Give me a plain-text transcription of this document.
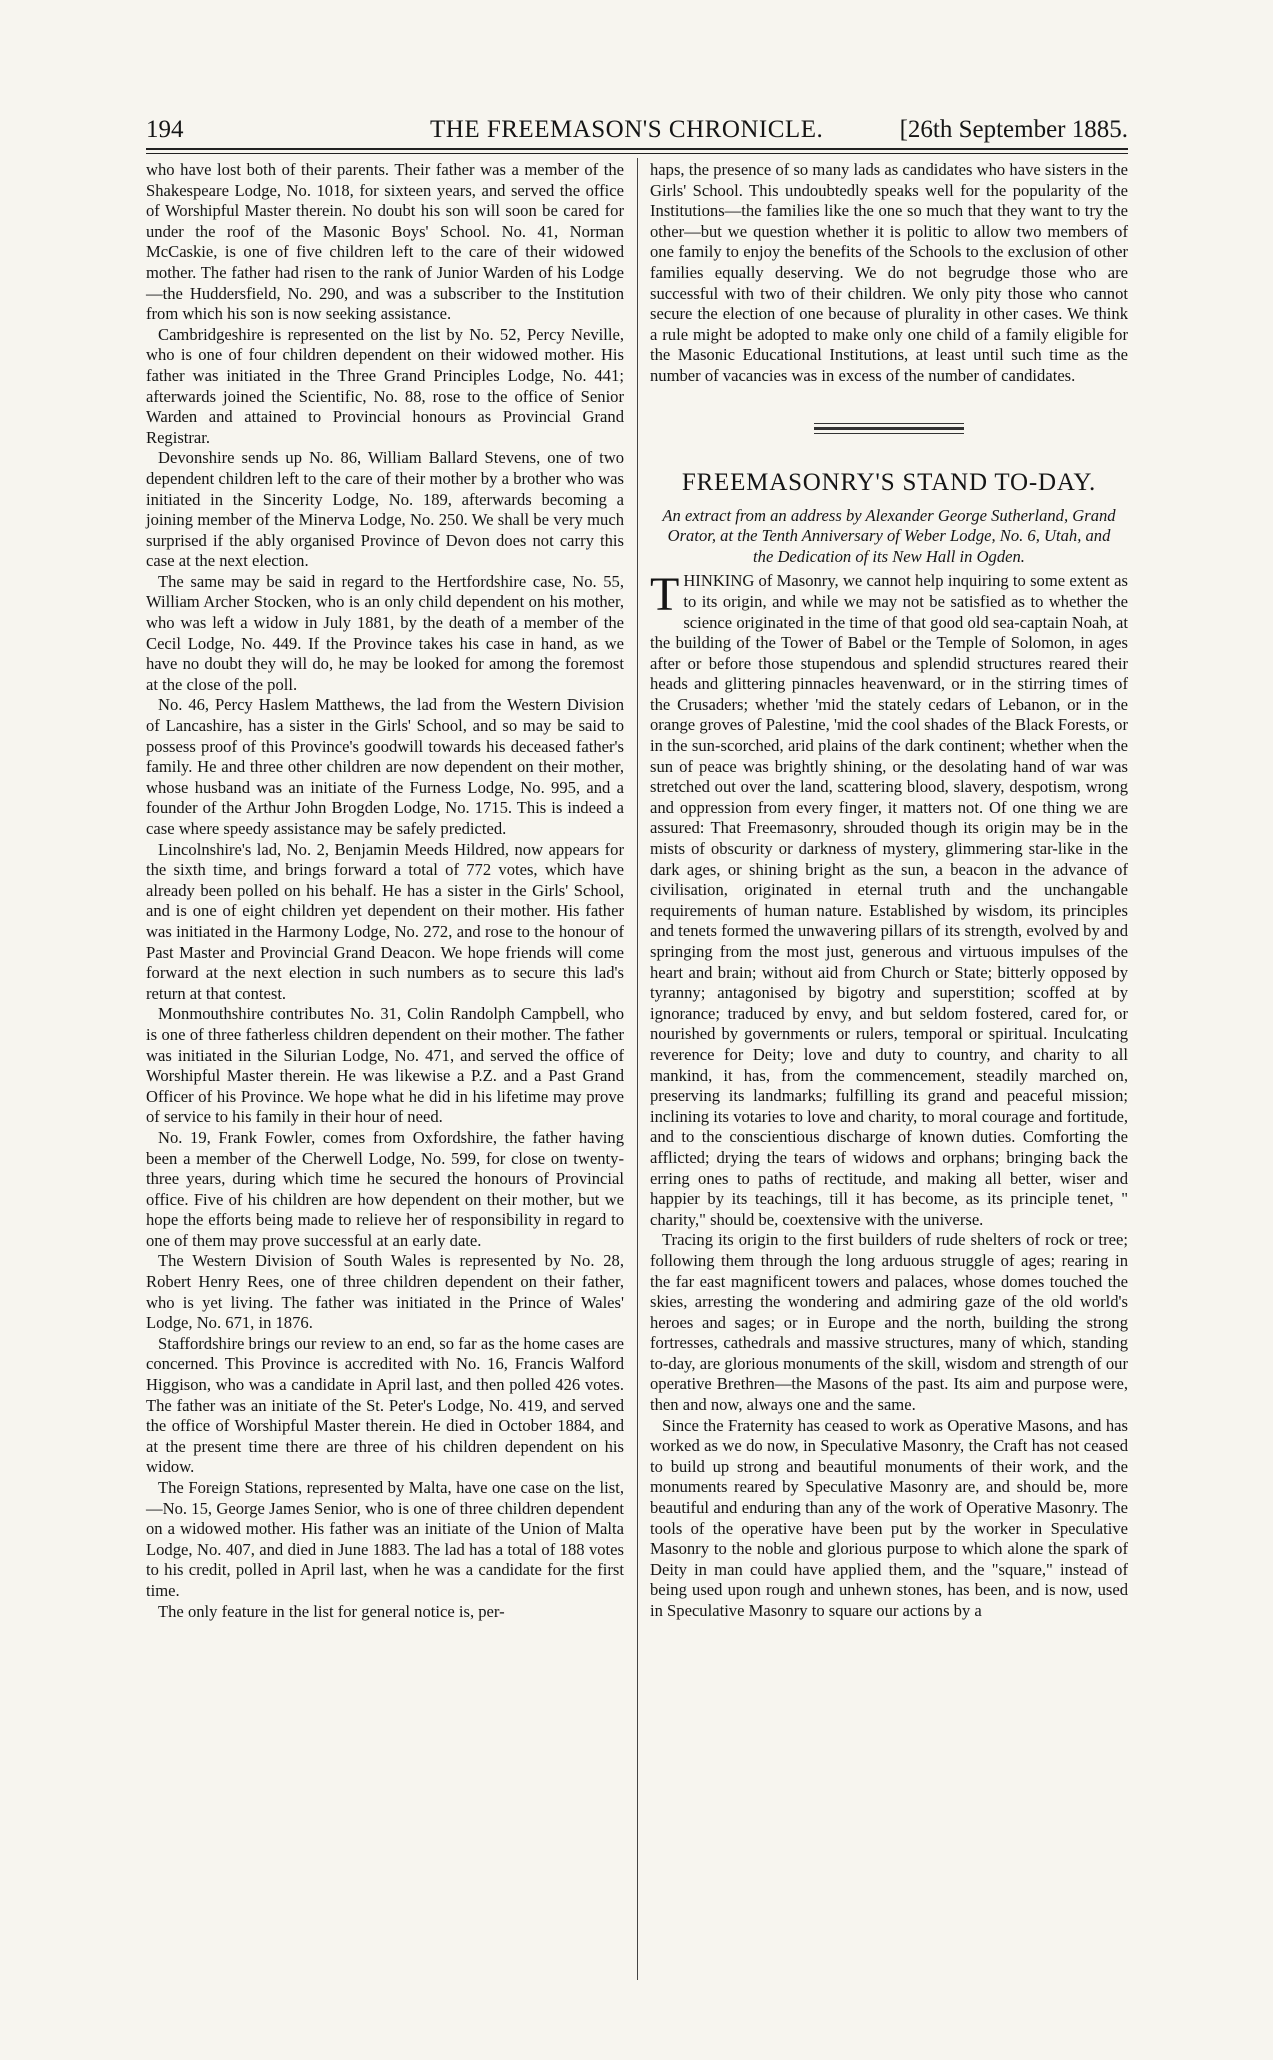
194	THE FREEMASON'S CHRONICLE.	[26th September 1885.

who have lost both of their parents. Their father was a member of the Shakespeare Lodge, No. 1018, for sixteen years, and served the office of Worshipful Master therein. No doubt his son will soon be cared for under the roof of the Masonic Boys' School. No. 41, Norman McCaskie, is one of five children left to the care of their widowed mother. The father had risen to the rank of Junior Warden of his Lodge—the Huddersfield, No. 290, and was a subscriber to the Institution from which his son is now seeking assistance.

Cambridgeshire is represented on the list by No. 52, Percy Neville, who is one of four children dependent on their widowed mother. His father was initiated in the Three Grand Principles Lodge, No. 441; afterwards joined the Scientific, No. 88, rose to the office of Senior Warden and attained to Provincial honours as Provincial Grand Registrar.

Devonshire sends up No. 86, William Ballard Stevens, one of two dependent children left to the care of their mother by a brother who was initiated in the Sincerity Lodge, No. 189, afterwards becoming a joining member of the Minerva Lodge, No. 250. We shall be very much surprised if the ably organised Province of Devon does not carry this case at the next election.

The same may be said in regard to the Hertfordshire case, No. 55, William Archer Stocken, who is an only child dependent on his mother, who was left a widow in July 1881, by the death of a member of the Cecil Lodge, No. 449. If the Province takes his case in hand, as we have no doubt they will do, he may be looked for among the foremost at the close of the poll.

No. 46, Percy Haslem Matthews, the lad from the Western Division of Lancashire, has a sister in the Girls' School, and so may be said to possess proof of this Province's goodwill towards his deceased father's family. He and three other children are now dependent on their mother, whose husband was an initiate of the Furness Lodge, No. 995, and a founder of the Arthur John Brogden Lodge, No. 1715. This is indeed a case where speedy assistance may be safely predicted.

Lincolnshire's lad, No. 2, Benjamin Meeds Hildred, now appears for the sixth time, and brings forward a total of 772 votes, which have already been polled on his behalf. He has a sister in the Girls' School, and is one of eight children yet dependent on their mother. His father was initiated in the Harmony Lodge, No. 272, and rose to the honour of Past Master and Provincial Grand Deacon. We hope friends will come forward at the next election in such numbers as to secure this lad's return at that contest.

Monmouthshire contributes No. 31, Colin Randolph Campbell, who is one of three fatherless children dependent on their mother. The father was initiated in the Silurian Lodge, No. 471, and served the office of Worshipful Master therein. He was likewise a P.Z. and a Past Grand Officer of his Province. We hope what he did in his lifetime may prove of service to his family in their hour of need.

No. 19, Frank Fowler, comes from Oxfordshire, the father having been a member of the Cherwell Lodge, No. 599, for close on twenty-three years, during which time he secured the honours of Provincial office. Five of his children are how dependent on their mother, but we hope the efforts being made to relieve her of responsibility in regard to one of them may prove successful at an early date.

The Western Division of South Wales is represented by No. 28, Robert Henry Rees, one of three children dependent on their father, who is yet living. The father was initiated in the Prince of Wales' Lodge, No. 671, in 1876.

Staffordshire brings our review to an end, so far as the home cases are concerned. This Province is accredited with No. 16, Francis Walford Higgison, who was a candidate in April last, and then polled 426 votes. The father was an initiate of the St. Peter's Lodge, No. 419, and served the office of Worshipful Master therein. He died in October 1884, and at the present time there are three of his children dependent on his widow.

The Foreign Stations, represented by Malta, have one case on the list,—No. 15, George James Senior, who is one of three children dependent on a widowed mother. His father was an initiate of the Union of Malta Lodge, No. 407, and died in June 1883. The lad has a total of 188 votes to his credit, polled in April last, when he was a candidate for the first time.

The only feature in the list for general notice is, per-

haps, the presence of so many lads as candidates who have sisters in the Girls' School. This undoubtedly speaks well for the popularity of the Institutions—the families like the one so much that they want to try the other—but we question whether it is politic to allow two members of one family to enjoy the benefits of the Schools to the exclusion of other families equally deserving. We do not begrudge those who are successful with two of their children. We only pity those who cannot secure the election of one because of plurality in other cases. We think a rule might be adopted to make only one child of a family eligible for the Masonic Educational Institutions, at least until such time as the number of vacancies was in excess of the number of candidates.

FREEMASONRY'S STAND TO-DAY.

An extract from an address by Alexander George Sutherland, Grand Orator, at the Tenth Anniversary of Weber Lodge, No. 6, Utah, and the Dedication of its New Hall in Ogden.

THINKING of Masonry, we cannot help inquiring to some extent as to its origin, and while we may not be satisfied as to whether the science originated in the time of that good old sea-captain Noah, at the building of the Tower of Babel or the Temple of Solomon, in ages after or before those stupendous and splendid structures reared their heads and glittering pinnacles heavenward, or in the stirring times of the Crusaders; whether 'mid the stately cedars of Lebanon, or in the orange groves of Palestine, 'mid the cool shades of the Black Forests, or in the sun-scorched, arid plains of the dark continent; whether when the sun of peace was brightly shining, or the desolating hand of war was stretched out over the land, scattering blood, slavery, despotism, wrong and oppression from every finger, it matters not. Of one thing we are assured: That Freemasonry, shrouded though its origin may be in the mists of obscurity or darkness of mystery, glimmering star-like in the dark ages, or shining bright as the sun, a beacon in the advance of civilisation, originated in eternal truth and the unchangable requirements of human nature. Established by wisdom, its principles and tenets formed the unwavering pillars of its strength, evolved by and springing from the most just, generous and virtuous impulses of the heart and brain; without aid from Church or State; bitterly opposed by tyranny; antagonised by bigotry and superstition; scoffed at by ignorance; traduced by envy, and but seldom fostered, cared for, or nourished by governments or rulers, temporal or spiritual. Inculcating reverence for Deity; love and duty to country, and charity to all mankind, it has, from the commencement, steadily marched on, preserving its landmarks; fulfilling its grand and peaceful mission; inclining its votaries to love and charity, to moral courage and fortitude, and to the conscientious discharge of known duties. Comforting the afflicted; drying the tears of widows and orphans; bringing back the erring ones to paths of rectitude, and making all better, wiser and happier by its teachings, till it has become, as its principle tenet, " charity," should be, coextensive with the universe.

Tracing its origin to the first builders of rude shelters of rock or tree; following them through the long arduous struggle of ages; rearing in the far east magnificent towers and palaces, whose domes touched the skies, arresting the wondering and admiring gaze of the old world's heroes and sages; or in Europe and the north, building the strong fortresses, cathedrals and massive structures, many of which, standing to-day, are glorious monuments of the skill, wisdom and strength of our operative Brethren—the Masons of the past. Its aim and purpose were, then and now, always one and the same.

Since the Fraternity has ceased to work as Operative Masons, and has worked as we do now, in Speculative Masonry, the Craft has not ceased to build up strong and beautiful monuments of their work, and the monuments reared by Speculative Masonry are, and should be, more beautiful and enduring than any of the work of Operative Masonry. The tools of the operative have been put by the worker in Speculative Masonry to the noble and glorious purpose to which alone the spark of Deity in man could have applied them, and the "square," instead of being used upon rough and unhewn stones, has been, and is now, used in Speculative Masonry to square our actions by a
